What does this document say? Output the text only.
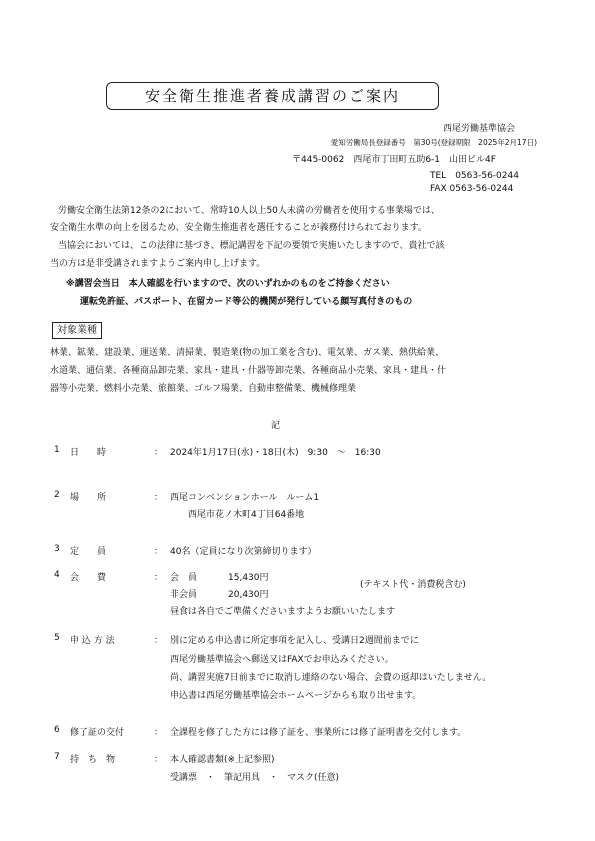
安全衛生推進者養成講習のご案内
西尾労働基準協会
愛知労働局長登録番号　第30号(登録期限　2025年2月17日)
〒445-0062　西尾市丁田町五助6-1　山田ビル4F
TEL　0563-56-0244
FAX 0563-56-0244
労働安全衛生法第12条の2において、常時10人以上50人未満の労働者を使用する事業場では、
安全衛生水準の向上を図るため、安全衛生推進者を選任することが義務付けられております。
当協会においては、この法律に基づき、標記講習を下記の要領で実施いたしますので、貴社で該
当の方は是非受講されますようご案内申し上げます。
※講習会当日　本人確認を行いますので、次のいずれかのものをご持参ください
運転免許証、パスポート、在留カード等公的機関が発行している顔写真付きのもの
対象業種
林業、鉱業、建設業、運送業、清掃業、製造業(物の加工業を含む)、電気業、ガス業、熱供給業、
水道業、通信業、各種商品卸売業、家具・建具・什器等卸売業、各種商品小売業、家具・建具・什
器等小売業、燃料小売業、旅館業、ゴルフ場業、自動車整備業、機械修理業
記
1 日　　時	： 2024年1月17日(水)・18日(木)　9:30　～　16:30
2 場　　所	： 西尾コンベンションホール　ルーム1
西尾市花ノ木町4丁目64番地
3 定　　員	： 40名（定員になり次第締切ります）
4 会　　費	： 会　員	15,430円
非会員	20,430円
(テキスト代・消費税含む)
昼食は各自でご準備くださいますようお願いいたします
5 申 込 方 法	： 別に定める申込書に所定事項を記入し、受講日2週間前までに
西尾労働基準協会へ郵送又はFAXでお申込みください。
尚、講習実施7日前までに取消し連絡のない場合、会費の返却はいたしません。
申込書は西尾労働基準協会ホームページからも取り出せます。
6 修了証の交付	： 全課程を修了した方には修了証を、事業所には修了証明書を交付します。
7 持　ち　物	： 本人確認書類(※上記参照)
受講票　・　筆記用具　・　マスク(任意)
